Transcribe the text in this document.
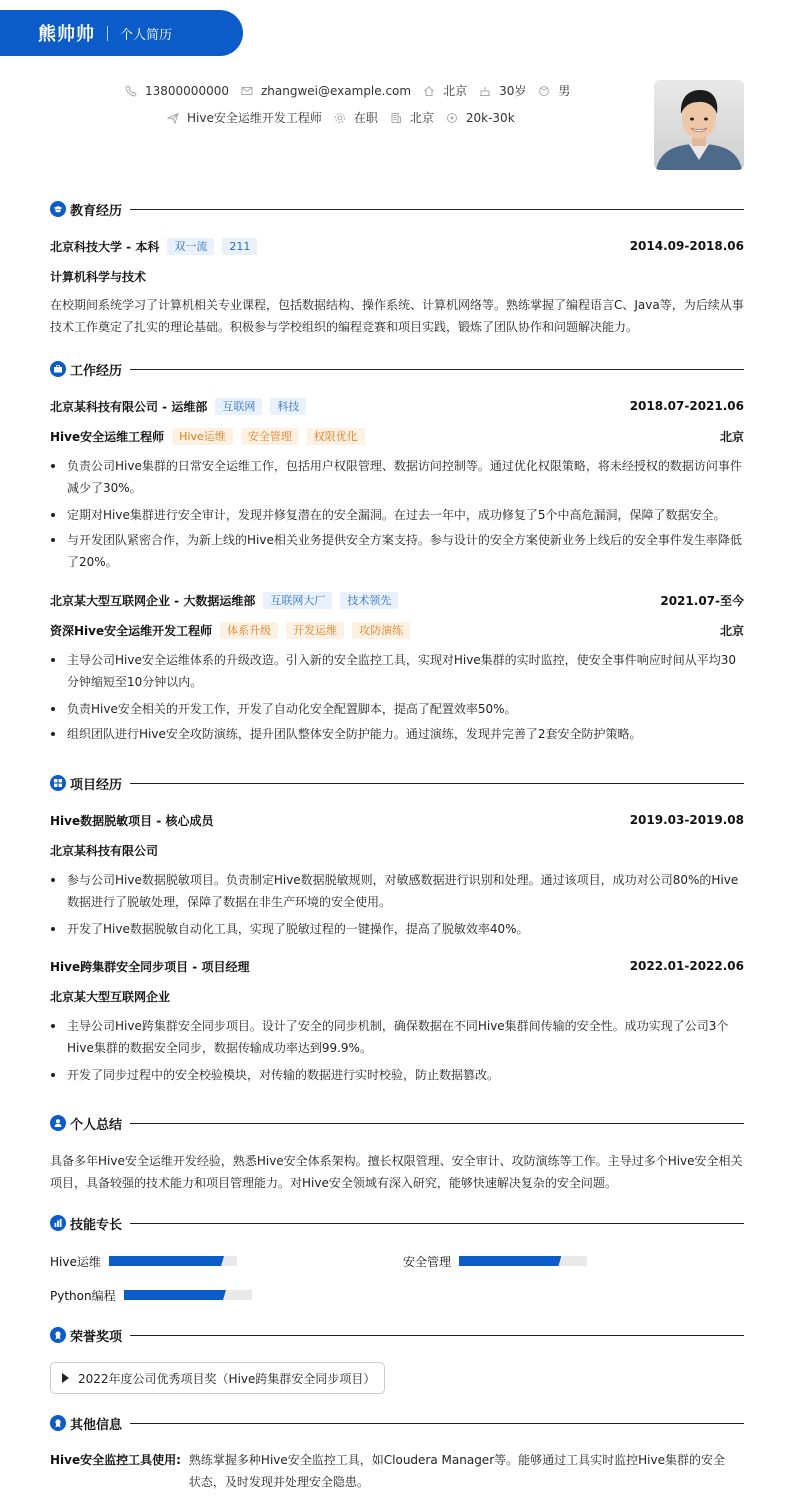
熊帅帅 个人简历
13800000000	zhangwei@example.com	北京	30岁	男
Hive安全运维开发工程师	在职	北京	20k-30k
教育经历
北京科技大学 - 本科	双一流	211	2014.09-2018.06
计算机科学与技术
在校期间系统学习了计算机相关专业课程，包括数据结构、操作系统、计算机网络等。熟练掌握了编程语言C、Java等，为后续从事技术工作奠定了扎实的理论基础。积极参与学校组织的编程竞赛和项目实践，锻炼了团队协作和问题解决能力。
工作经历
北京某科技有限公司 - 运维部	互联网	科技	2018.07-2021.06
Hive安全运维工程师	Hive运维	安全管理	权限优化	北京
负责公司Hive集群的日常安全运维工作，包括用户权限管理、数据访问控制等。通过优化权限策略，将未经授权的数据访问事件减少了30%。
定期对Hive集群进行安全审计，发现并修复潜在的安全漏洞。在过去一年中，成功修复了5个中高危漏洞，保障了数据安全。
与开发团队紧密合作，为新上线的Hive相关业务提供安全方案支持。参与设计的安全方案使新业务上线后的安全事件发生率降低了20%。
北京某大型互联网企业 - 大数据运维部	互联网大厂	技术领先	2021.07-至今
资深Hive安全运维开发工程师	体系升级	开发运维	攻防演练	北京
主导公司Hive安全运维体系的升级改造。引入新的安全监控工具，实现对Hive集群的实时监控，使安全事件响应时间从平均30分钟缩短至10分钟以内。
负责Hive安全相关的开发工作，开发了自动化安全配置脚本，提高了配置效率50%。
组织团队进行Hive安全攻防演练，提升团队整体安全防护能力。通过演练，发现并完善了2套安全防护策略。
项目经历
Hive数据脱敏项目 - 核心成员	2019.03-2019.08
北京某科技有限公司
参与公司Hive数据脱敏项目。负责制定Hive数据脱敏规则，对敏感数据进行识别和处理。通过该项目，成功对公司80%的Hive数据进行了脱敏处理，保障了数据在非生产环境的安全使用。
开发了Hive数据脱敏自动化工具，实现了脱敏过程的一键操作，提高了脱敏效率40%。
Hive跨集群安全同步项目 - 项目经理	2022.01-2022.06
北京某大型互联网企业
主导公司Hive跨集群安全同步项目。设计了安全的同步机制，确保数据在不同Hive集群间传输的安全性。成功实现了公司3个Hive集群的数据安全同步，数据传输成功率达到99.9%。
开发了同步过程中的安全校验模块，对传输的数据进行实时校验，防止数据篡改。
个人总结
具备多年Hive安全运维开发经验，熟悉Hive安全体系架构。擅长权限管理、安全审计、攻防演练等工作。主导过多个Hive安全相关项目，具备较强的技术能力和项目管理能力。对Hive安全领域有深入研究，能够快速解决复杂的安全问题。
技能专长
Hive运维	安全管理
Python编程
荣誉奖项
2022年度公司优秀项目奖（Hive跨集群安全同步项目）
其他信息
Hive安全监控工具使用: 熟练掌握多种Hive安全监控工具，如Cloudera Manager等。能够通过工具实时监控Hive集群的安全状态，及时发现并处理安全隐患。
